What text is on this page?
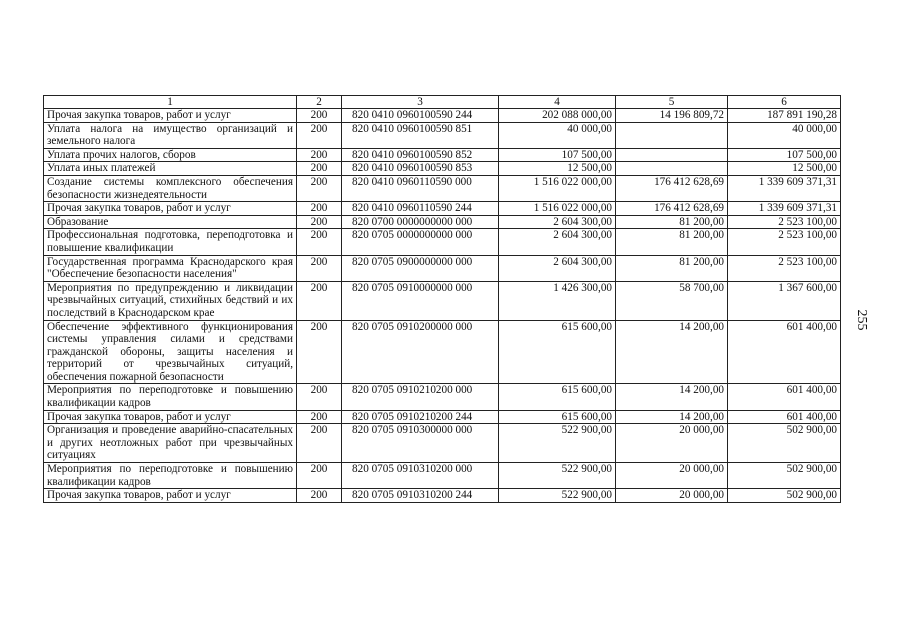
1	2	3	4	5	6
Прочая закупка товаров, работ и услуг	200	820 0410 0960100590 244	202 088 000,00	14 196 809,72	187 891 190,28
Уплата налога на имущество организаций и земельного налога	200	820 0410 0960100590 851	40 000,00		40 000,00
Уплата прочих налогов, сборов	200	820 0410 0960100590 852	107 500,00		107 500,00
Уплата иных платежей	200	820 0410 0960100590 853	12 500,00		12 500,00
Создание системы комплексного обеспечения безопасности жизнедеятельности	200	820 0410 0960110590 000	1 516 022 000,00	176 412 628,69	1 339 609 371,31
Прочая закупка товаров, работ и услуг	200	820 0410 0960110590 244	1 516 022 000,00	176 412 628,69	1 339 609 371,31
Образование	200	820 0700 0000000000 000	2 604 300,00	81 200,00	2 523 100,00
Профессиональная подготовка, переподготовка и повышение квалификации	200	820 0705 0000000000 000	2 604 300,00	81 200,00	2 523 100,00
Государственная программа Краснодарского края "Обеспечение безопасности населения"	200	820 0705 0900000000 000	2 604 300,00	81 200,00	2 523 100,00
Мероприятия по предупреждению и ликвидации чрезвычайных ситуаций, стихийных бедствий и их последствий в Краснодарском крае	200	820 0705 0910000000 000	1 426 300,00	58 700,00	1 367 600,00
Обеспечение эффективного функционирования системы управления силами и средствами гражданской обороны, защиты населения и территорий от чрезвычайных ситуаций, обеспечения пожарной безопасности	200	820 0705 0910200000 000	615 600,00	14 200,00	601 400,00
Мероприятия по переподготовке и повышению квалификации кадров	200	820 0705 0910210200 000	615 600,00	14 200,00	601 400,00
Прочая закупка товаров, работ и услуг	200	820 0705 0910210200 244	615 600,00	14 200,00	601 400,00
Организация и проведение аварийно-спасательных и других неотложных работ при чрезвычайных ситуациях	200	820 0705 0910300000 000	522 900,00	20 000,00	502 900,00
Мероприятия по переподготовке и повышению квалификации кадров	200	820 0705 0910310200 000	522 900,00	20 000,00	502 900,00
Прочая закупка товаров, работ и услуг	200	820 0705 0910310200 244	522 900,00	20 000,00	502 900,00
255
